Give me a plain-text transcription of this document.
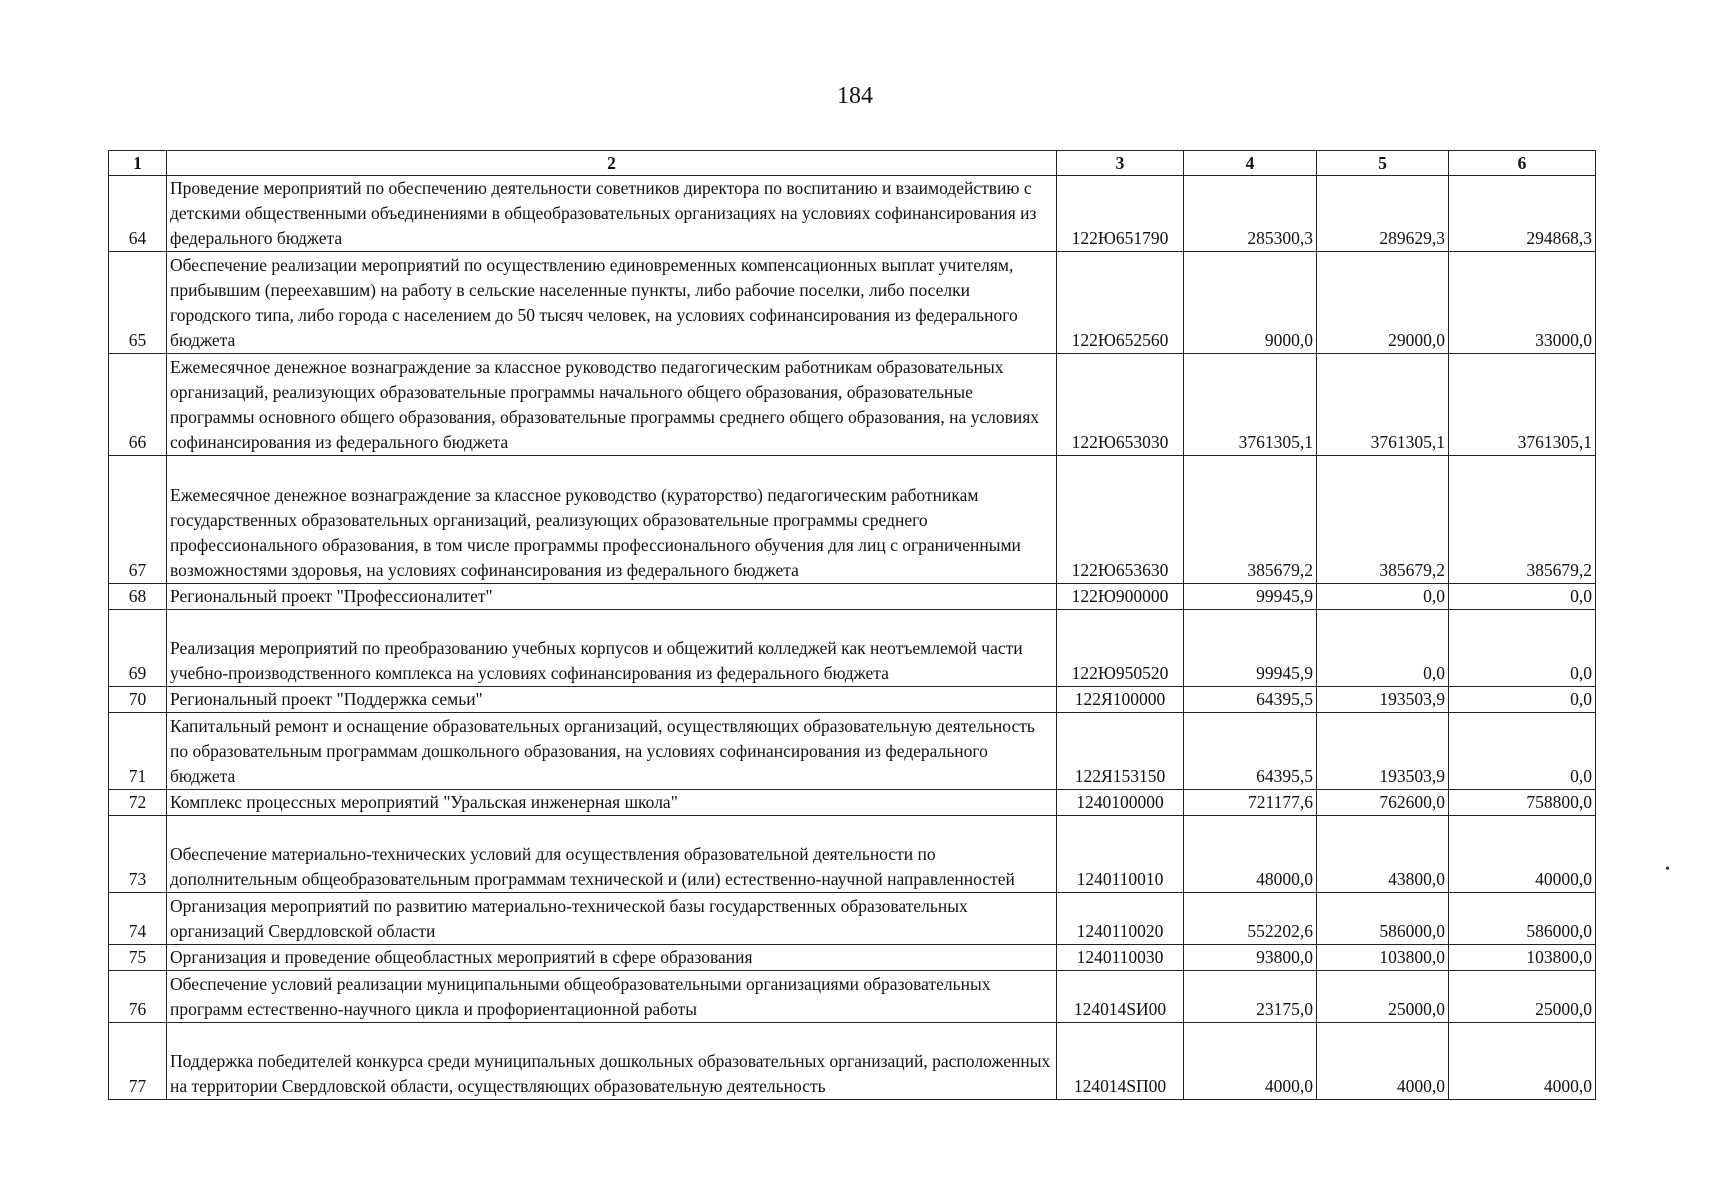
184
1	2	3	4	5	6
64	Проведение мероприятий по обеспечению деятельности советников директора по воспитанию и взаимодействию с детскими общественными объединениями в общеобразовательных организациях на условиях софинансирования из федерального бюджета	122Ю651790	285300,3	289629,3	294868,3
65	Обеспечение реализации мероприятий по осуществлению единовременных компенсационных выплат учителям, прибывшим (переехавшим) на работу в сельские населенные пункты, либо рабочие поселки, либо поселки городского типа, либо города с населением до 50 тысяч человек, на условиях софинансирования из федерального бюджета	122Ю652560	9000,0	29000,0	33000,0
66	Ежемесячное денежное вознаграждение за классное руководство педагогическим работникам образовательных организаций, реализующих образовательные программы начального общего образования, образовательные программы основного общего образования, образовательные программы среднего общего образования, на условиях софинансирования из федерального бюджета	122Ю653030	3761305,1	3761305,1	3761305,1
67	Ежемесячное денежное вознаграждение за классное руководство (кураторство) педагогическим работникам государственных образовательных организаций, реализующих образовательные программы среднего профессионального образования, в том числе программы профессионального обучения для лиц с ограниченными возможностями здоровья, на условиях софинансирования из федерального бюджета	122Ю653630	385679,2	385679,2	385679,2
68	Региональный проект "Профессионалитет"	122Ю900000	99945,9	0,0	0,0
69	Реализация мероприятий по преобразованию учебных корпусов и общежитий колледжей как неотъемлемой части учебно-производственного комплекса на условиях софинансирования из федерального бюджета	122Ю950520	99945,9	0,0	0,0
70	Региональный проект "Поддержка семьи"	122Я100000	64395,5	193503,9	0,0
71	Капитальный ремонт и оснащение образовательных организаций, осуществляющих образовательную деятельность по образовательным программам дошкольного образования, на условиях софинансирования из федерального бюджета	122Я153150	64395,5	193503,9	0,0
72	Комплекс процессных мероприятий "Уральская инженерная школа"	1240100000	721177,6	762600,0	758800,0
73	Обеспечение материально-технических условий для осуществления образовательной деятельности по дополнительным общеобразовательным программам технической и (или) естественно-научной направленностей	1240110010	48000,0	43800,0	40000,0
74	Организация мероприятий по развитию материально-технической базы государственных образовательных организаций Свердловской области	1240110020	552202,6	586000,0	586000,0
75	Организация и проведение общеобластных мероприятий в сфере образования	1240110030	93800,0	103800,0	103800,0
76	Обеспечение условий реализации муниципальными общеобразовательными организациями образовательных программ естественно-научного цикла и профориентационной работы	124014SИ00	23175,0	25000,0	25000,0
77	Поддержка победителей конкурса среди муниципальных дошкольных образовательных организаций, расположенных на территории Свердловской области, осуществляющих образовательную деятельность	124014SП00	4000,0	4000,0	4000,0
•
